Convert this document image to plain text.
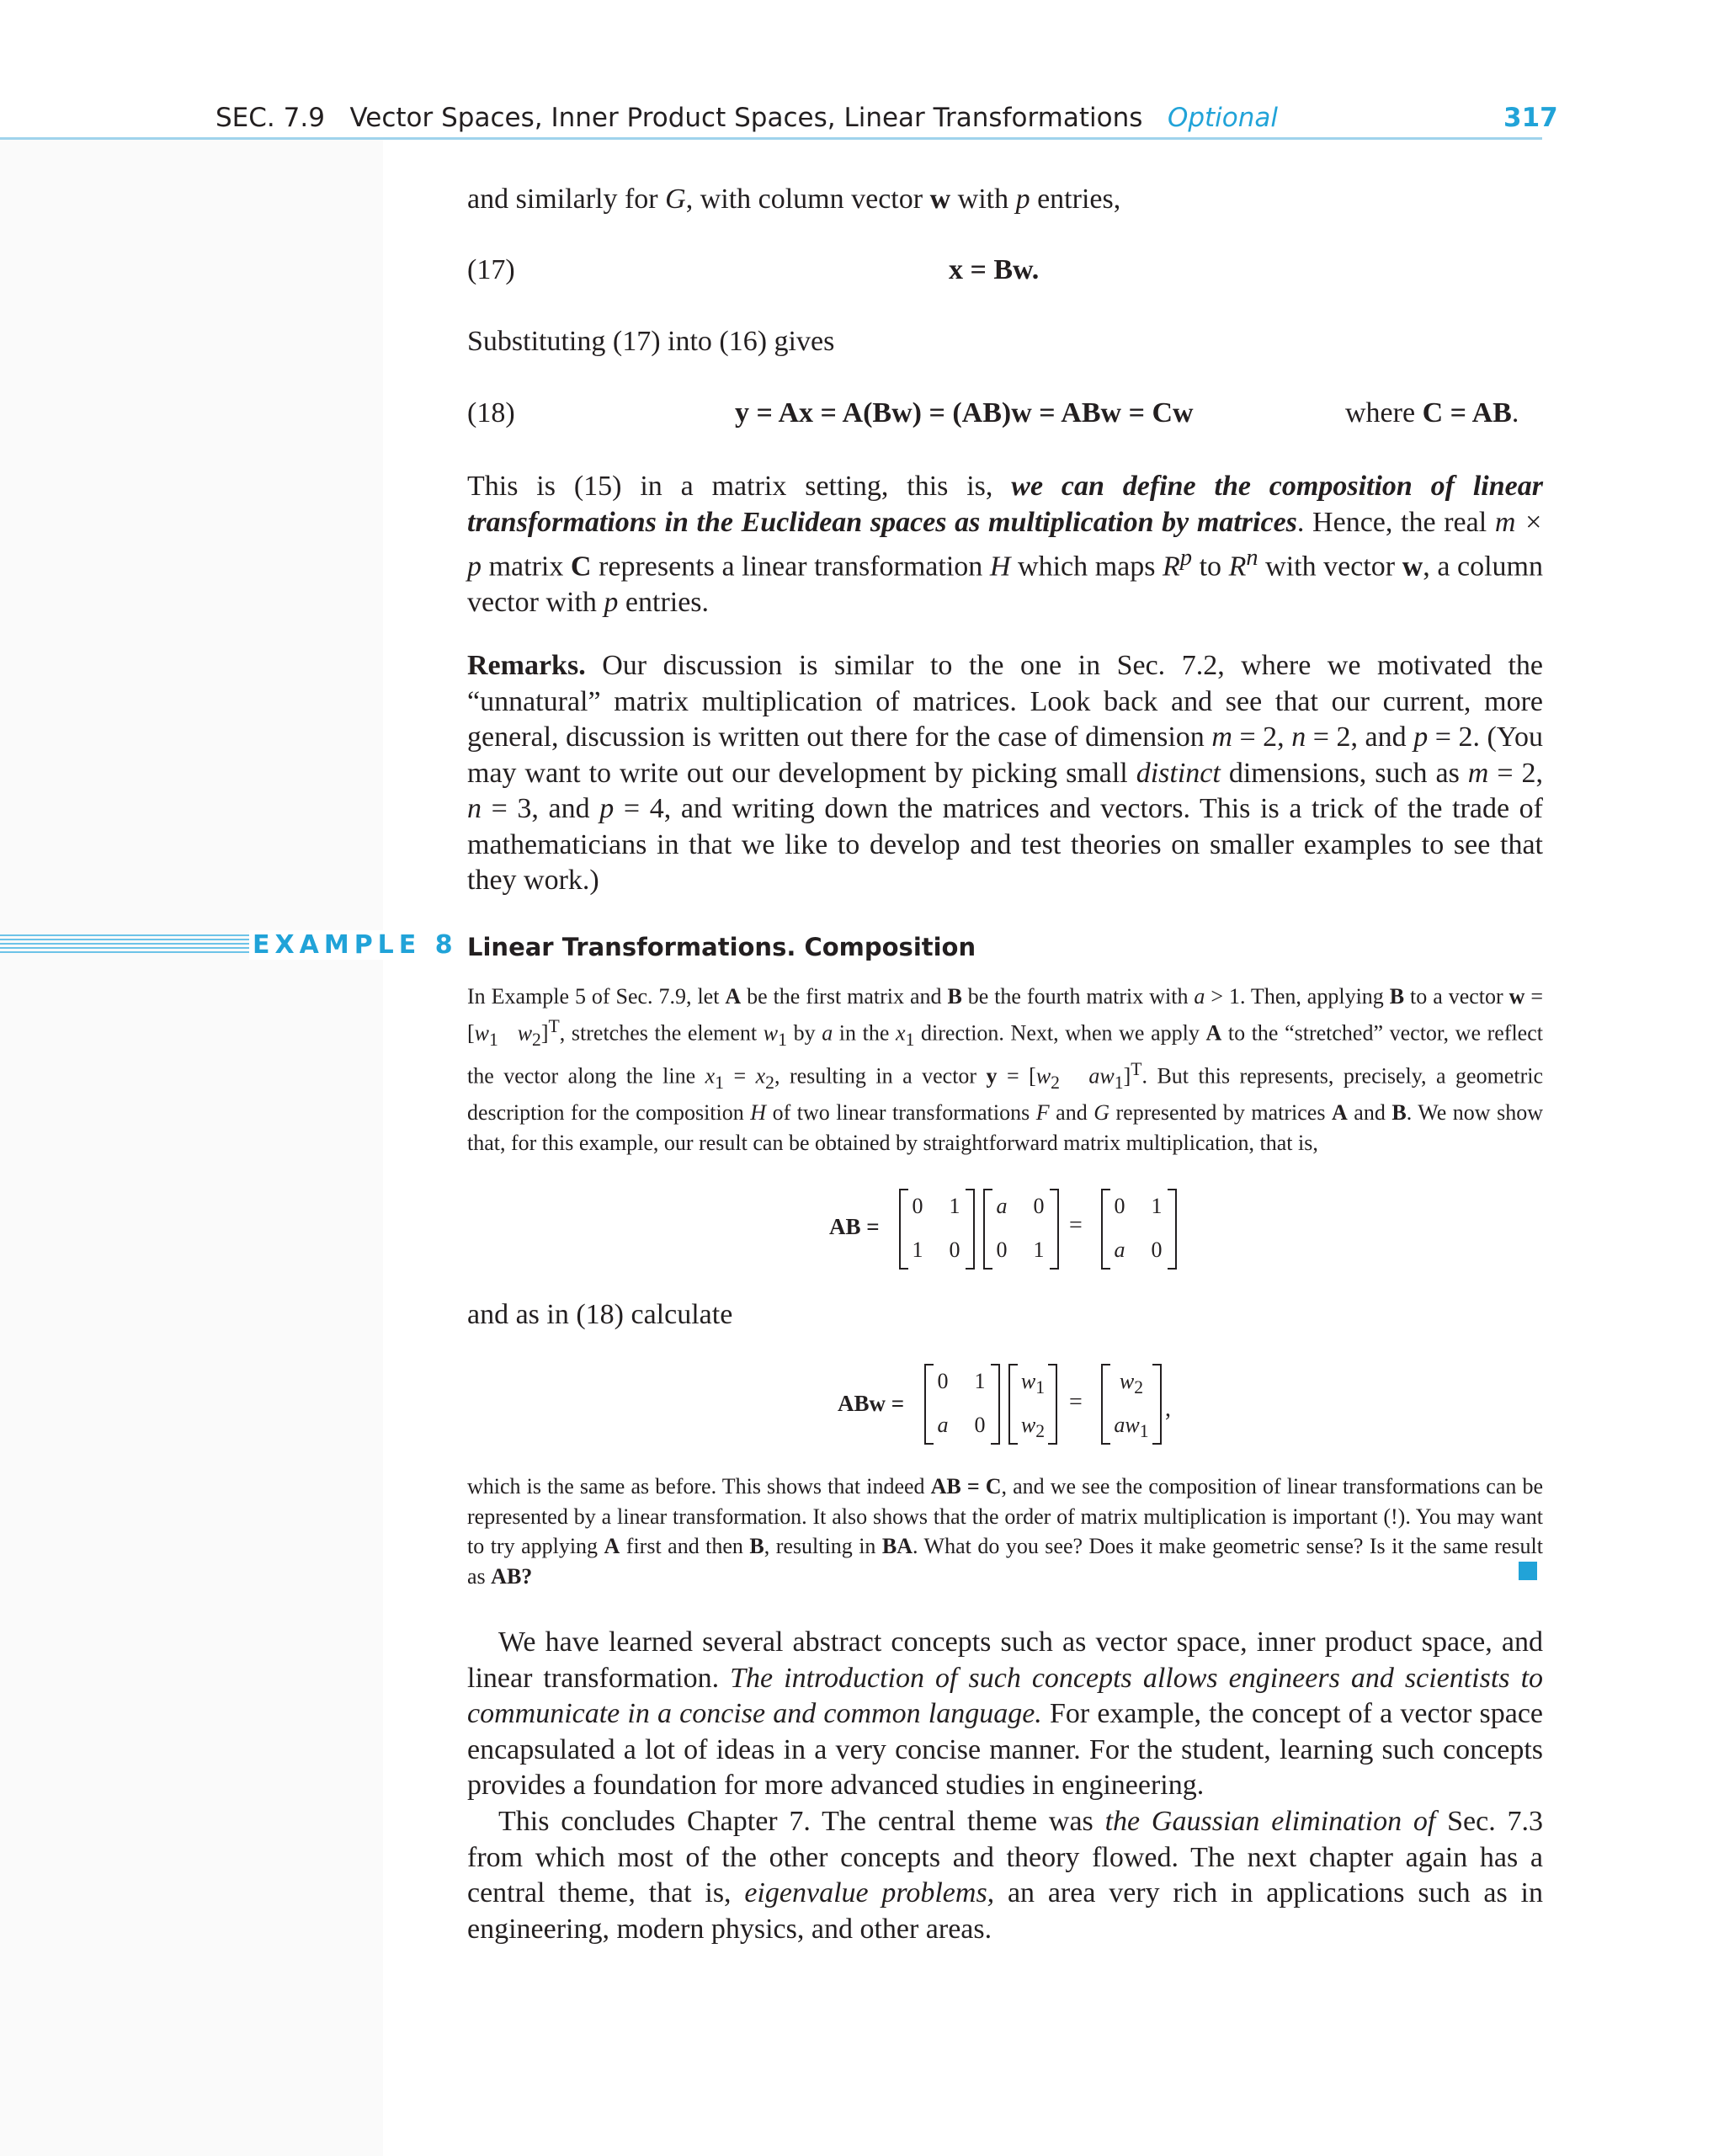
SEC. 7.9 Vector Spaces, Inner Product Spaces, Linear Transformations Optional	317
and similarly for G, with column vector w with p entries,
(17)	x = Bw.
Substituting (17) into (16) gives
(18)	y = Ax = A(Bw) = (AB)w = ABw = Cw	where C = AB.
This is (15) in a matrix setting, this is, we can define the composition of linear transformations in the Euclidean spaces as multiplication by matrices. Hence, the real m × p matrix C represents a linear transformation H which maps $R^p$ to $R^n$ with vector w, a column vector with p entries.
Remarks. Our discussion is similar to the one in Sec. 7.2, where we motivated the “unnatural” matrix multiplication of matrices. Look back and see that our current, more general, discussion is written out there for the case of dimension m = 2, n = 2, and p = 2. (You may want to write out our development by picking small distinct dimensions, such as m = 2, n = 3, and p = 4, and writing down the matrices and vectors. This is a trick of the trade of mathematicians in that we like to develop and test theories on smaller examples to see that they work.)
EXAMPLE 8 Linear Transformations. Composition
In Example 5 of Sec. 7.9, let A be the first matrix and B be the fourth matrix with a > 1. Then, applying B to a vector $w = [w_1$ $w_2]^T$, stretches the element $w_1$ by a in the $x_1$ direction. Next, when we apply A to the “stretched” vector, we reflect the vector along the line $x_1 = x_2$, resulting in a vector $y = [w_2$ $aw_1]^T$. But this represents, precisely, a geometric description for the composition H of two linear transformations F and G represented by matrices A and B. We now show that, for this example, our result can be obtained by straightforward matrix multiplication, that is,
AB =
0	1
1	0
a	0
0	1
=
0	1
a	0
and as in (18) calculate
ABw =
0	1
a	0
$w_1$
$w_2$
=
$w_2$
$aw_1$
,
which is the same as before. This shows that indeed AB = C, and we see the composition of linear transformations can be represented by a linear transformation. It also shows that the order of matrix multiplication is important (!). You may want to try applying A first and then B, resulting in BA. What do you see? Does it make geometric sense? Is it the same result as AB?
We have learned several abstract concepts such as vector space, inner product space, and linear transformation. The introduction of such concepts allows engineers and scientists to communicate in a concise and common language. For example, the concept of a vector space encapsulated a lot of ideas in a very concise manner. For the student, learning such concepts provides a foundation for more advanced studies in engineering.
This concludes Chapter 7. The central theme was the Gaussian elimination of Sec. 7.3 from which most of the other concepts and theory flowed. The next chapter again has a central theme, that is, eigenvalue problems, an area very rich in applications such as in engineering, modern physics, and other areas.
